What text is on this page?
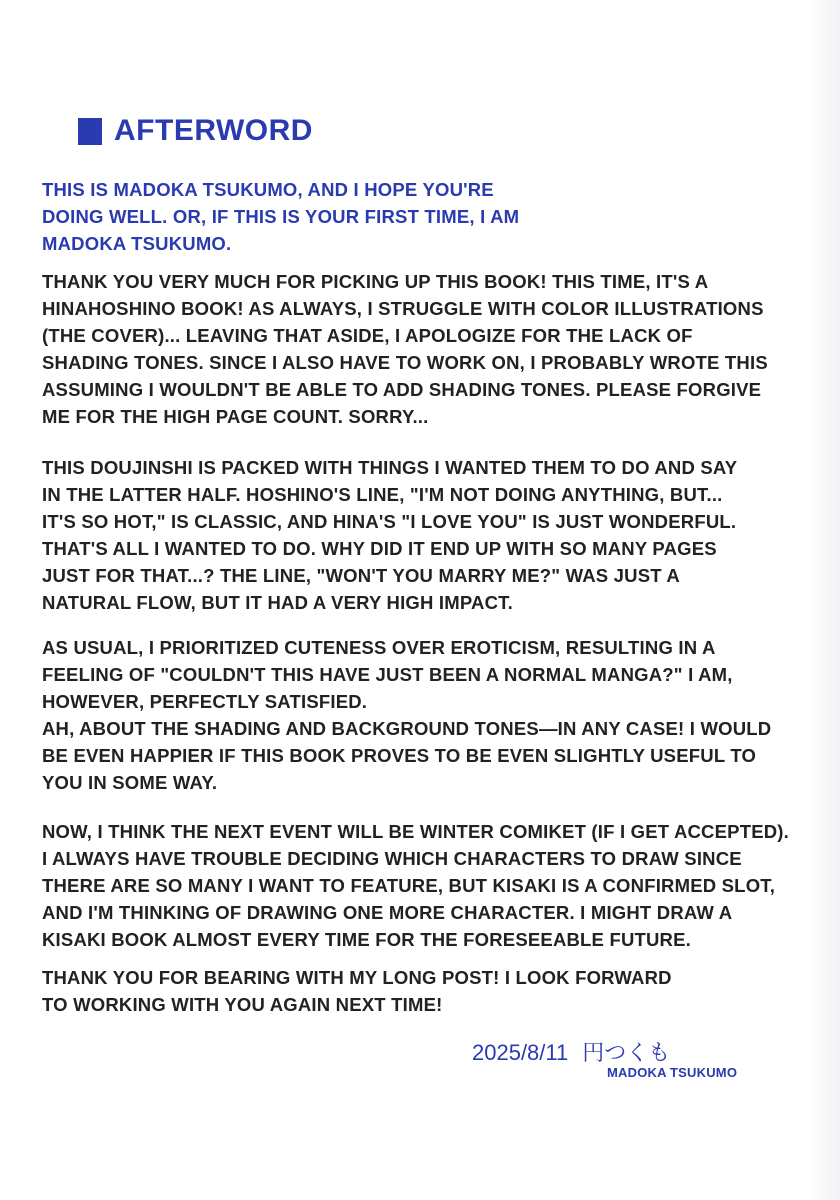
AFTERWORD
THIS IS MADOKA TSUKUMO, AND I HOPE YOU'RE
DOING WELL. OR, IF THIS IS YOUR FIRST TIME, I AM
MADOKA TSUKUMO.
THANK YOU VERY MUCH FOR PICKING UP THIS BOOK! THIS TIME, IT'S A
HINAHOSHINO BOOK! AS ALWAYS, I STRUGGLE WITH COLOR ILLUSTRATIONS
(THE COVER)... LEAVING THAT ASIDE, I APOLOGIZE FOR THE LACK OF
SHADING TONES. SINCE I ALSO HAVE TO WORK ON, I PROBABLY WROTE THIS
ASSUMING I WOULDN'T BE ABLE TO ADD SHADING TONES. PLEASE FORGIVE
ME FOR THE HIGH PAGE COUNT. SORRY...
THIS DOUJINSHI IS PACKED WITH THINGS I WANTED THEM TO DO AND SAY
IN THE LATTER HALF. HOSHINO'S LINE, "I'M NOT DOING ANYTHING, BUT...
IT'S SO HOT," IS CLASSIC, AND HINA'S "I LOVE YOU" IS JUST WONDERFUL.
THAT'S ALL I WANTED TO DO. WHY DID IT END UP WITH SO MANY PAGES
JUST FOR THAT...? THE LINE, "WON'T YOU MARRY ME?" WAS JUST A
NATURAL FLOW, BUT IT HAD A VERY HIGH IMPACT.
AS USUAL, I PRIORITIZED CUTENESS OVER EROTICISM, RESULTING IN A
FEELING OF "COULDN'T THIS HAVE JUST BEEN A NORMAL MANGA?" I AM,
HOWEVER, PERFECTLY SATISFIED.
AH, ABOUT THE SHADING AND BACKGROUND TONES—IN ANY CASE! I WOULD
BE EVEN HAPPIER IF THIS BOOK PROVES TO BE EVEN SLIGHTLY USEFUL TO
YOU IN SOME WAY.
NOW, I THINK THE NEXT EVENT WILL BE WINTER COMIKET (IF I GET ACCEPTED).
I ALWAYS HAVE TROUBLE DECIDING WHICH CHARACTERS TO DRAW SINCE
THERE ARE SO MANY I WANT TO FEATURE, BUT KISAKI IS A CONFIRMED SLOT,
AND I'M THINKING OF DRAWING ONE MORE CHARACTER. I MIGHT DRAW A
KISAKI BOOK ALMOST EVERY TIME FOR THE FORESEEABLE FUTURE.
THANK YOU FOR BEARING WITH MY LONG POST! I LOOK FORWARD
TO WORKING WITH YOU AGAIN NEXT TIME!
2025/8/11 円つくも
MADOKA TSUKUMO
